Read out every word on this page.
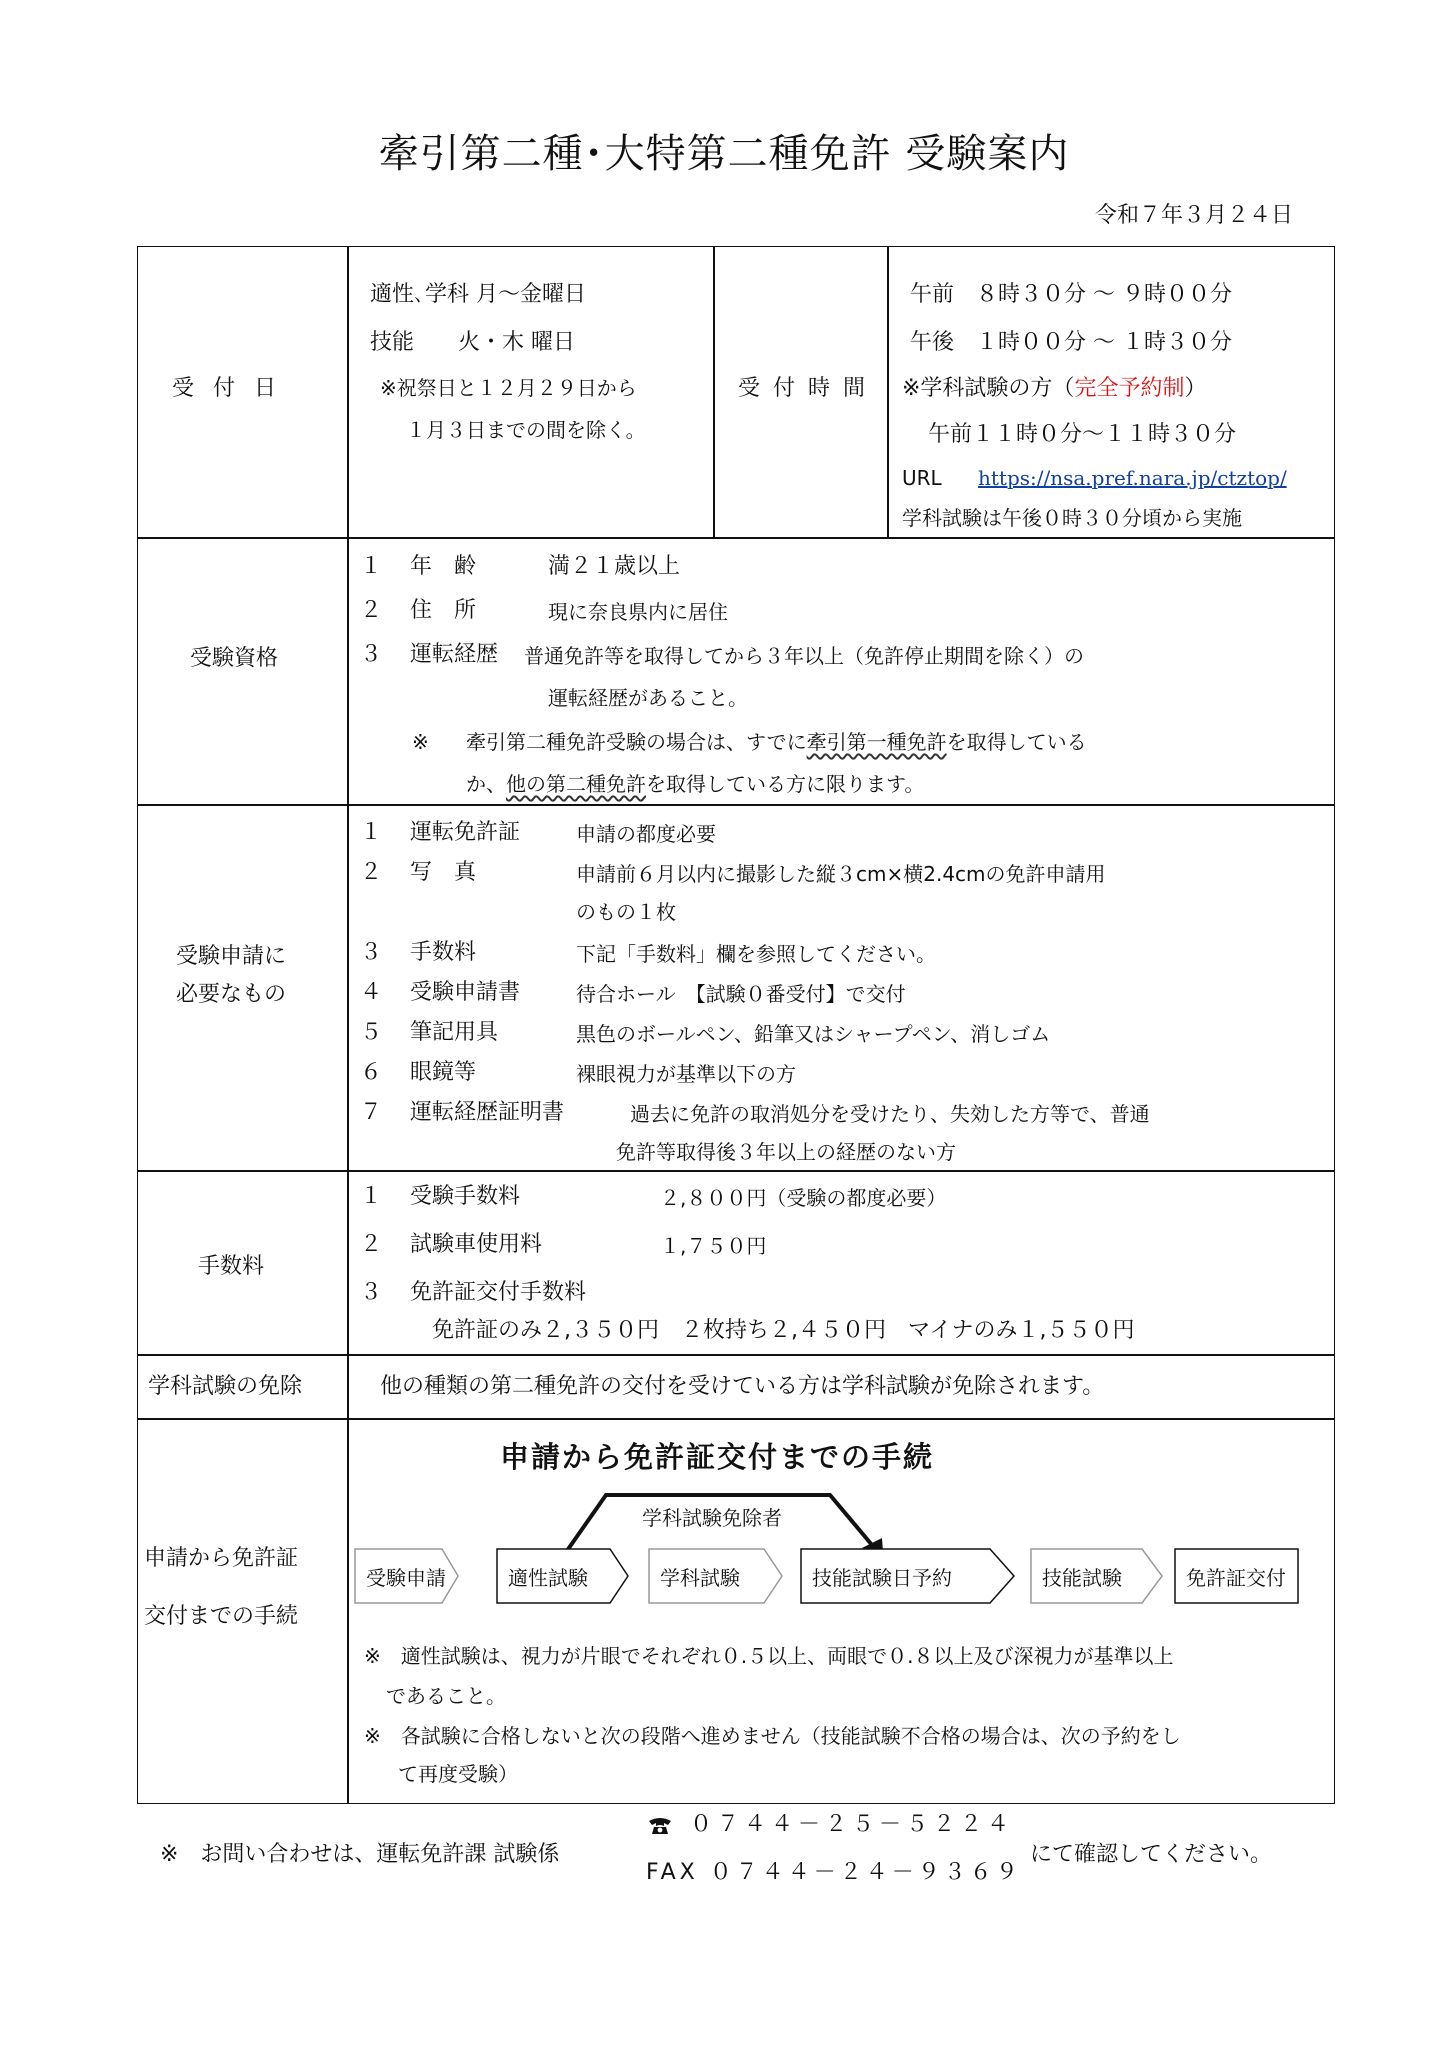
牽引第二種･大特第二種免許 受験案内
令和７年３月２４日
受 付 日
適性､学科 月～金曜日
技能　　火・木 曜日
※祝祭日と１２月２９日から
１月３日までの間を除く。
受 付 時 間
午前　８時３０分 ～ ９時００分
午後　１時００分 ～ １時３０分
※学科試験の方（完全予約制）
午前１１時０分～１１時３０分
URL https://nsa.pref.nara.jp/ctztop/
学科試験は午後０時３０分頃から実施
受験資格
１ 年　齢	満２１歳以上
２ 住　所	現に奈良県内に居住
３ 運転経歴 普通免許等を取得してから３年以上（免許停止期間を除く）の
運転経歴があること。
※ 牽引第二種免許受験の場合は、すでに牽引第一種免許を取得している
か、他の第二種免許を取得している方に限ります。
受験申請に
必要なもの
１ 運転免許証	申請の都度必要
２ 写　真	申請前６月以内に撮影した縦３cm×横2.4cmの免許申請用
のもの１枚
３ 手数料	下記「手数料」欄を参照してください。
４ 受験申請書	待合ホール　【試験０番受付】で交付
５ 筆記用具	黒色のボールペン、鉛筆又はシャープペン、消しゴム
６ 眼鏡等	裸眼視力が基準以下の方
７ 運転経歴証明書	過去に免許の取消処分を受けたり、失効した方等で、普通
免許等取得後３年以上の経歴のない方
手数料
１ 受験手数料	２,８００円（受験の都度必要）
２ 試験車使用料	１,７５０円
３ 免許証交付手数料
免許証のみ２,３５０円　２枚持ち２,４５０円　マイナのみ１,５５０円
学科試験の免除	他の種類の第二種免許の交付を受けている方は学科試験が免除されます。
申請から免許証
交付までの手続
申請から免許証交付までの手続
学科試験免除者
受験申請	適性試験	学科試験	技能試験日予約	技能試験	免許証交付
※　適性試験は、視力が片眼でそれぞれ０.５以上、両眼で０.８以上及び深視力が基準以上
であること。
※　各試験に合格しないと次の段階へ進めません（技能試験不合格の場合は、次の予約をし
て再度受験）
※　お問い合わせは、運転免許課 試験係
０７４４－２５－５２２４
FAX ０７４４－２４－９３６９
にて確認してください。
